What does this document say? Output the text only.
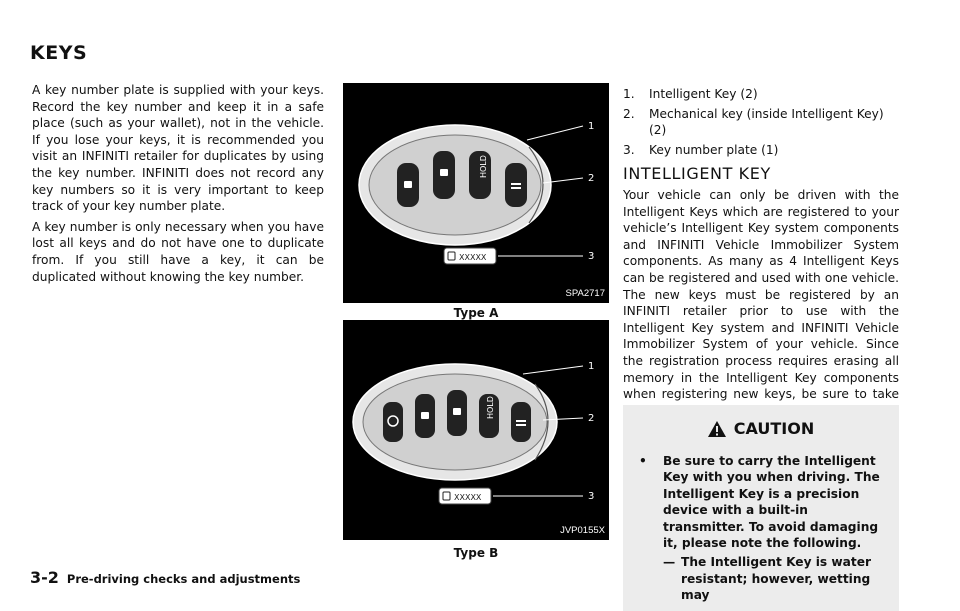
KEYS

A key number plate is supplied with your keys. Record the key number and keep it in a safe place (such as your wallet), not in the vehicle. If you lose your keys, it is recommended you visit an INFINITI retailer for duplicates by using the key number. INFINITI does not record any key numbers so it is very important to keep track of your key number plate.

A key number is only necessary when you have lost all keys and do not have one to duplicate from. If you still have a key, it can be duplicated without knowing the key number.

HOLD
XXXXX
1
2
3
SPA2717
Type A
HOLD
XXXXX
1
2
3
JVP0155X
Type B
1.	Intelligent Key (2)
2.	Mechanical key (inside Intelligent Key) (2)
3.	Key number plate (1)
INTELLIGENT KEY

Your vehicle can only be driven with the Intelligent Keys which are registered to your vehicle’s Intelligent Key system components and INFINITI Vehicle Immobilizer System components. As many as 4 Intelligent Keys can be registered and used with one vehicle. The new keys must be registered by an INFINITI retailer prior to use with the Intelligent Key system and INFINITI Vehicle Immobilizer System of your vehicle. Since the registration process requires erasing all memory in the Intelligent Key components when registering new keys, be sure to take

CAUTION
•	Be sure to carry the Intelligent Key with you when driving. The Intelligent Key is a precision device with a built-in transmitter. To avoid damaging it, please note the following.
— The Intelligent Key is water resistant; however, wetting may
3-2 Pre-driving checks and adjustments
